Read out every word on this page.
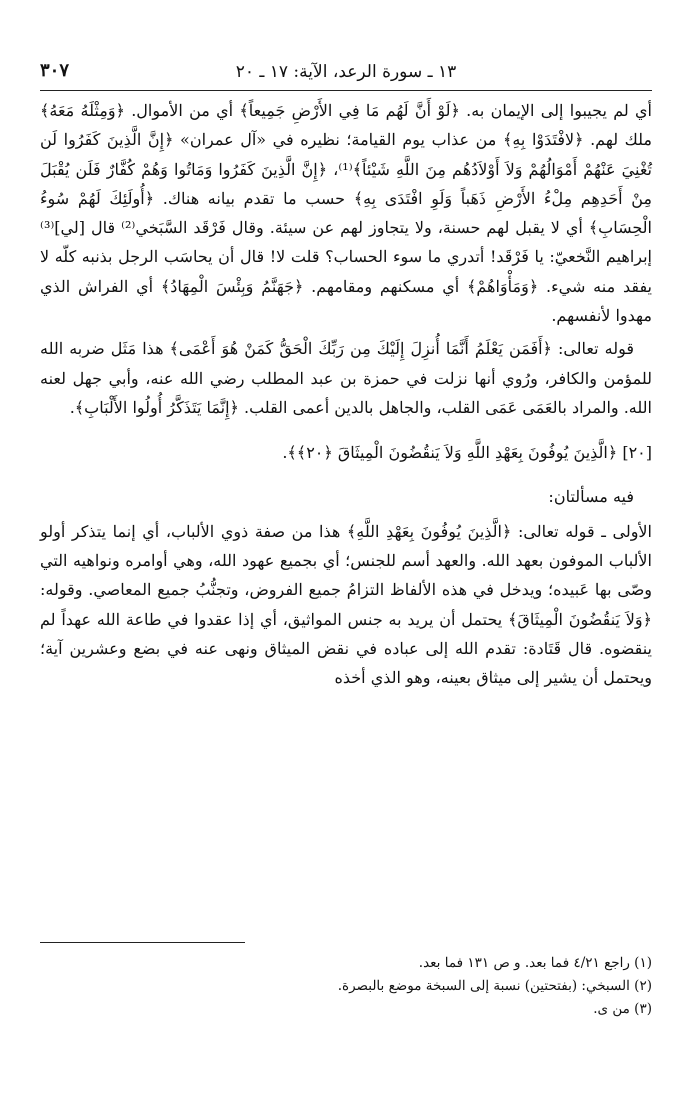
١٣ ـ سورة الرعد، الآية: ١٧ ـ ٢٠
٣٠٧

أي لم يجيبوا إلى الإيمان به. ﴿لَوْ أَنَّ لَهُم مَا فِي الأَرْضِ جَمِيعاً﴾ أي من الأموال. ﴿وَمِثْلَهُ مَعَهُ﴾ ملك لهم. ﴿لافْتَدَوْا بِهِ﴾ من عذاب يوم القيامة؛ نظيره في «آل عمران» ﴿إِنَّ الَّذِينَ كَفَرُوا لَن تُغْنِيَ عَنْهُمْ أَمْوَالُهُمْ وَلاَ أَوْلاَدُهُم مِنَ اللَّهِ شَيْئاً﴾⁽¹⁾، ﴿إِنَّ الَّذِينَ كَفَرُوا وَمَاتُوا وَهُمْ كُفَّارٌ فَلَن يُقْبَلَ مِنْ أَحَدِهِم مِلْءُ الأَرْضِ ذَهَباً وَلَوِ افْتَدَى بِهِ﴾ حسب ما تقدم بيانه هناك. ﴿أُولَئِكَ لَهُمْ سُوءُ الْحِسَابِ﴾ أي لا يقبل لهم حسنة، ولا يتجاوز لهم عن سيئة. وقال فَرْقَد السَّبَخي⁽²⁾ قال [لي]⁽³⁾ إبراهيم النَّخعيّ: يا فَرْقَد! أتدري ما سوء الحساب؟ قلت لا! قال أن يحاسَب الرجل بذنبه كلّه لا يفقد منه شيء. ﴿وَمَأْوَاهُمْ﴾ أي مسكنهم ومقامهم. ﴿جَهَنَّمُ وَبِئْسَ الْمِهَادُ﴾ أي الفراش الذي مهدوا لأنفسهم.

قوله تعالى: ﴿أَفَمَن يَعْلَمُ أَنَّمَا أُنزِلَ إِلَيْكَ مِن رَبِّكَ الْحَقُّ كَمَنْ هُوَ أَعْمَى﴾ هذا مَثَل ضربه الله للمؤمن والكافر، ورُوي أنها نزلت في حمزة بن عبد المطلب رضي الله عنه، وأبي جهل لعنه الله. والمراد بالعَمَى عَمَى القلب، والجاهل بالدين أعمى القلب. ﴿إِنَّمَا يَتَذَكَّرُ أُولُوا الأَلْبَابِ﴾.

[٢٠] ﴿الَّذِينَ يُوفُونَ بِعَهْدِ اللَّهِ وَلاَ يَنقُضُونَ الْمِيثَاقَ ﴿٢٠﴾﴾.

فيه مسألتان:

الأولى ـ قوله تعالى: ﴿الَّذِينَ يُوفُونَ بِعَهْدِ اللَّهِ﴾ هذا من صفة ذوي الألباب، أي إنما يتذكر أولو الألباب الموفون بعهد الله. والعهد أسم للجنس؛ أي بجميع عهود الله، وهي أوامره ونواهيه التي وصّى بها عَبيده؛ ويدخل في هذه الألفاظ التزامُ جميع الفروض، وتجنُّبُ جميع المعاصي. وقوله: ﴿وَلاَ يَنقُضُونَ الْمِيثَاقَ﴾ يحتمل أن يريد به جنس المواثيق، أي إذا عقدوا في طاعة الله عهداً لم ينقضوه. قال قَتَادة: تقدم الله إلى عباده في نقض الميثاق ونهى عنه في بضع وعشرين آية؛ ويحتمل أن يشير إلى ميثاق بعينه، وهو الذي أخذه

(١) راجع ٤/٢١ فما بعد. و ص ١٣١ فما بعد.
(٢) السبخي: (بفتحتين) نسبة إلى السبخة موضع بالبصرة.
(٣) من ى.
